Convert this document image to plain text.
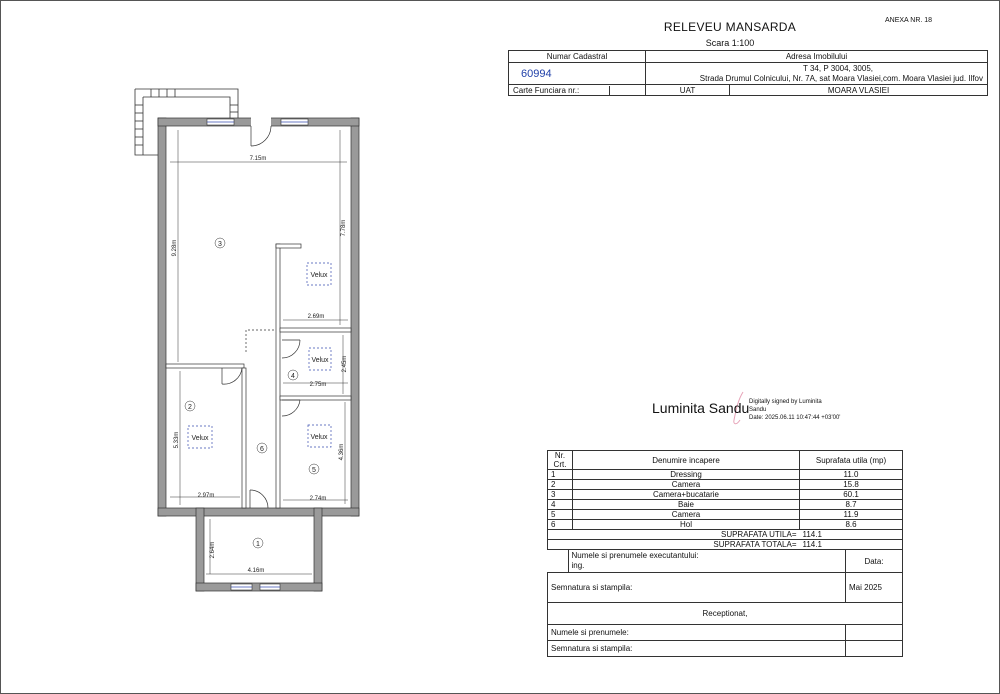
RELEVEU MANSARDA
Scara 1:100
ANEXA NR. 18
Numar Cadastral	Adresa Imobilului	
60994	T 34, P 3004, 3005,
Strada Drumul Colnicului, Nr. 7A, sat Moara Vlasiei,com. Moara Vlasiei jud. Ilfov	

Carte Funciara nr.:	UAT	MOARA VLASIEI
7.15m
9.28m
7.78m
2.69m
2.75m
2.45m
5.33m
2.97m	2.74m
4.36m
2.64m
4.16m
1
2
3
4
5
6
Velux
Velux
Velux
Velux
Luminita Sandu Digitally signed by Luminita
Sandu
Date: 2025.06.11 10:47:44 +03'00'
Nr. Crt.	Denumire incapere	Suprafata utila (mp)
1	Dressing	11.0
2	Camera	15.8
3	Camera+bucatarie	60.1
4	Baie	8.7
5	Camera	11.9
6	Hol	8.6
SUPRAFATA UTILA=		114.1
SUPRAFATA TOTALA=		114.1

	Numele si prenumele executantului:
ing.	Data:
Semnatura si stampila:		Mai 2025
Receptionat,		
Numele si prenumele:		
Semnatura si stampila:		
